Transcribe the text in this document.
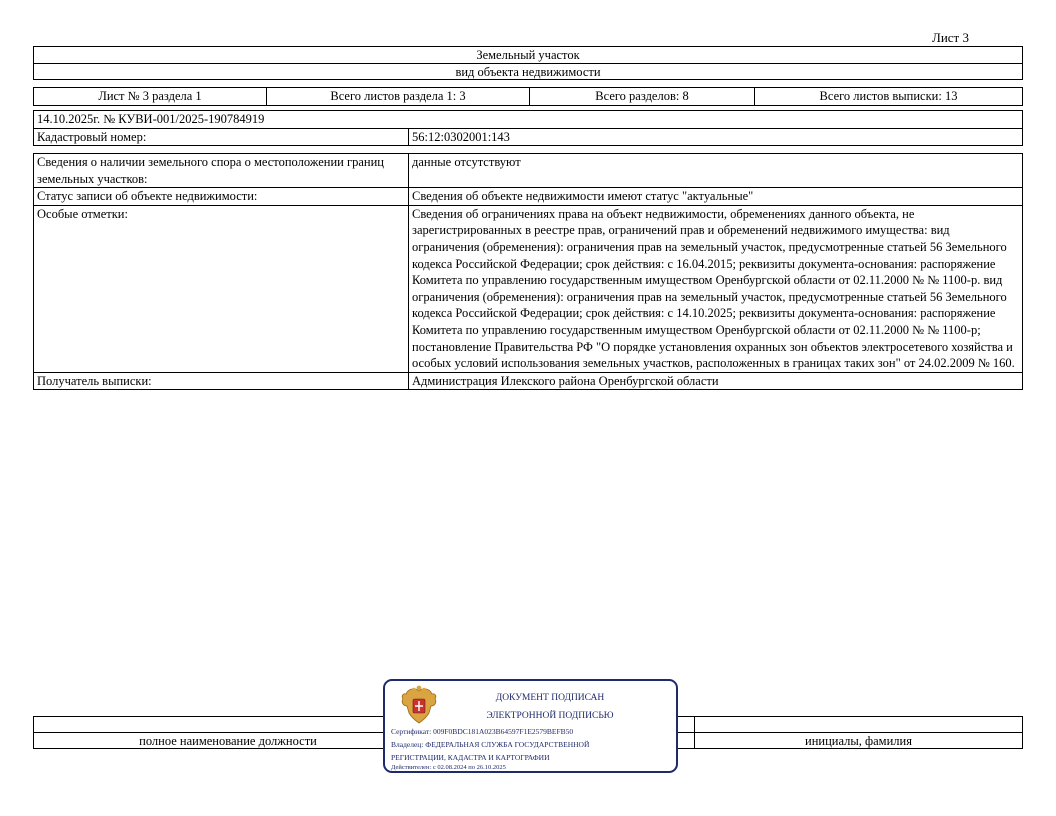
Лист 3
Земельный участок
вид объекта недвижимости
Лист № 3 раздела 1	Всего листов раздела 1: 3	Всего разделов: 8	Всего листов выписки: 13
14.10.2025г. № КУВИ-001/2025-190784919
Кадастровый номер:	56:12:0302001:143
Сведения о наличии земельного спора о местоположении границ земельных участков:	данные отсутствуют
Статус записи об объекте недвижимости:	Сведения об объекте недвижимости имеют статус "актуальные"
Особые отметки:	Сведения об ограничениях права на объект недвижимости, обременениях данного объекта, не зарегистрированных в реестре прав, ограничений прав и обременений недвижимого имущества: вид ограничения (обременения): ограничения прав на земельный участок, предусмотренные статьей 56 Земельного кодекса Российской Федерации; срок действия: с 16.04.2015; реквизиты документа-основания: распоряжение Комитета по управлению государственным имуществом Оренбургской области от 02.11.2000 № № 1100-р. вид ограничения (обременения): ограничения прав на земельный участок, предусмотренные статьей 56 Земельного кодекса Российской Федерации; срок действия: с 14.10.2025; реквизиты документа-основания: распоряжение Комитета по управлению государственным имуществом Оренбургской области от 02.11.2000 № № 1100-р; постановление Правительства РФ "О порядке установления охранных зон объектов электросетевого хозяйства и особых условий использования земельных участков, расположенных в границах таких зон" от 24.02.2009 № 160.
Получатель выписки:	Администрация Илекского района Оренбургской области
полное наименование должности	инициалы, фамилия
ДОКУМЕНТ ПОДПИСАН
ЭЛЕКТРОННОЙ ПОДПИСЬЮ
Сертификат: 009F0BDC181A023B64597F1E2579BEFB50
Владелец: ФЕДЕРАЛЬНАЯ СЛУЖБА ГОСУДАРСТВЕННОЙ
РЕГИСТРАЦИИ, КАДАСТРА И КАРТОГРАФИИ
Действителен: с 02.08.2024 по 26.10.2025
